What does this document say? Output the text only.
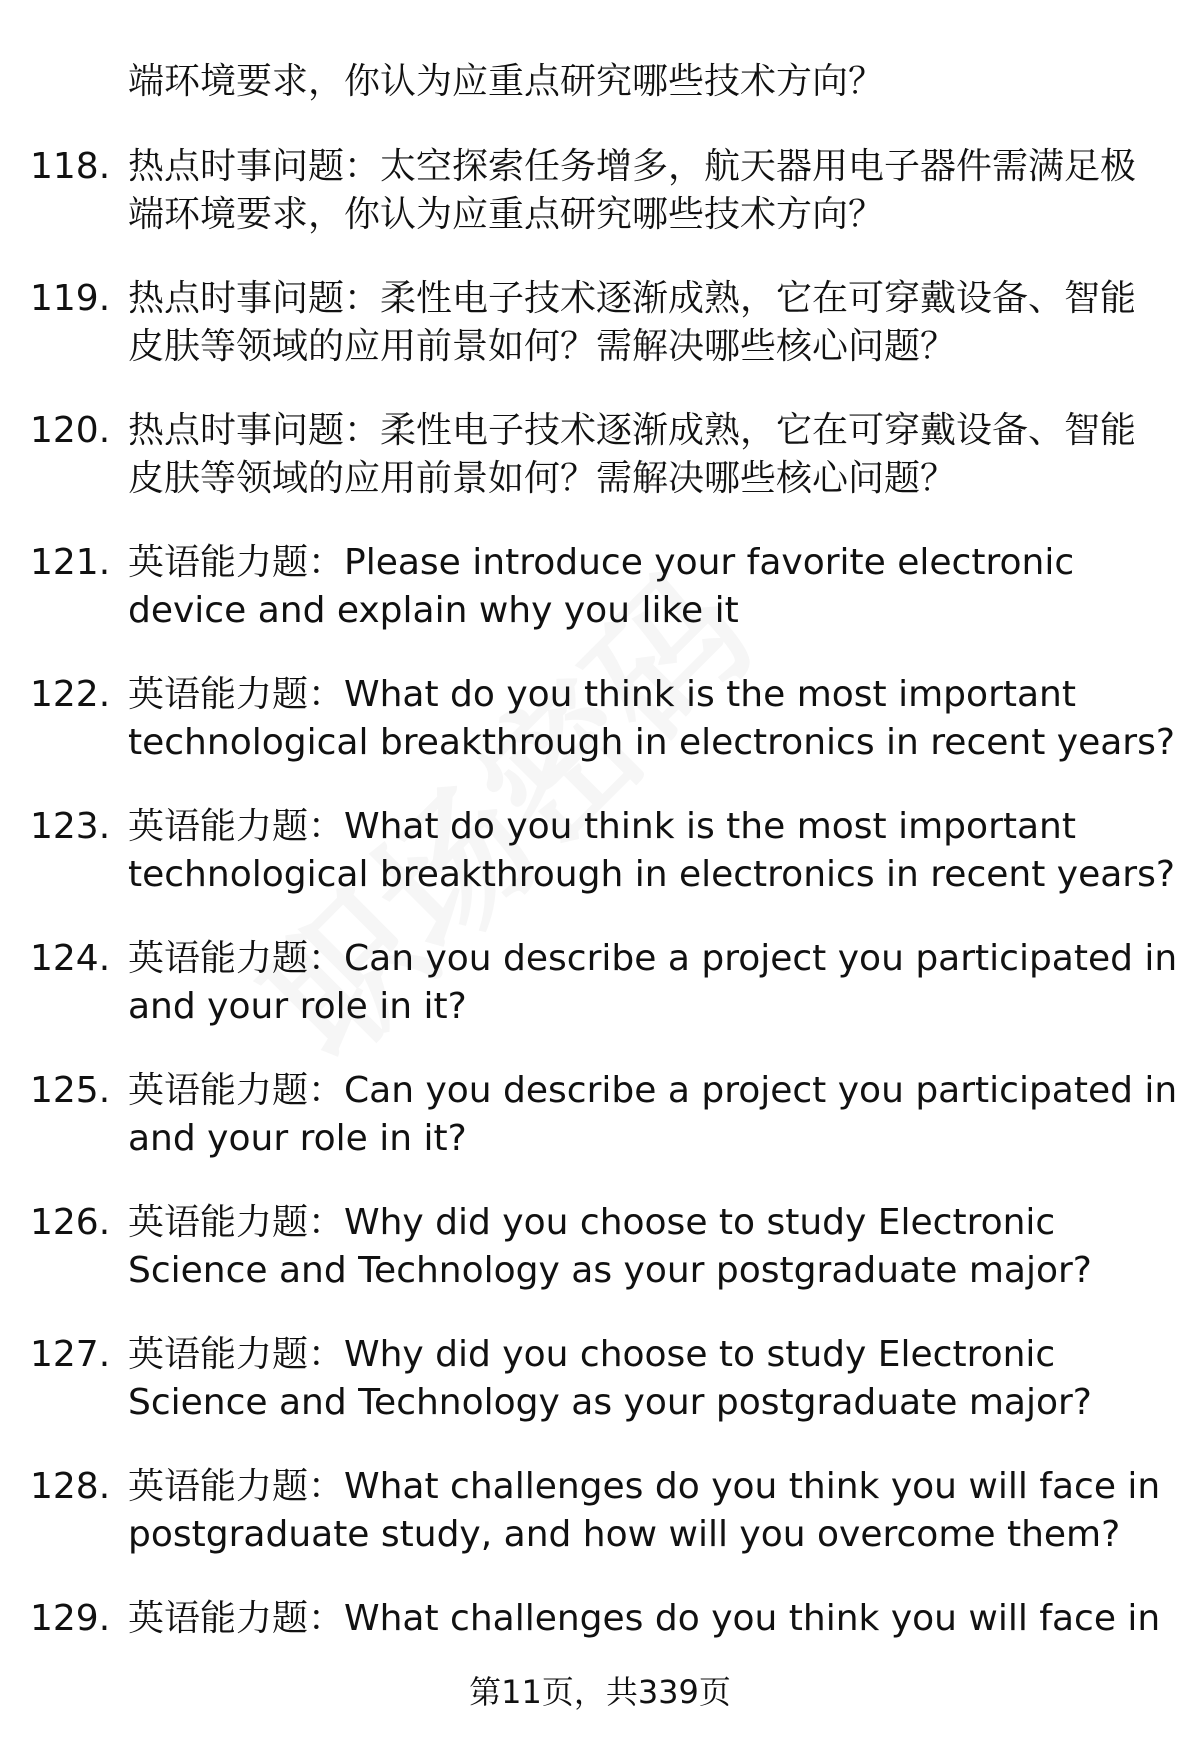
端环境要求，你认为应重点研究哪些技术方向？
118. 热点时事问题：太空探索任务增多，航天器用电子器件需满足极
端环境要求，你认为应重点研究哪些技术方向？
119. 热点时事问题：柔性电子技术逐渐成熟，它在可穿戴设备、智能
皮肤等领域的应用前景如何？需解决哪些核心问题？
120. 热点时事问题：柔性电子技术逐渐成熟，它在可穿戴设备、智能
皮肤等领域的应用前景如何？需解决哪些核心问题？
121. 英语能力题：Please introduce your favorite electronic
device and explain why you like it
122. 英语能力题：What do you think is the most important
technological breakthrough in electronics in recent years?
123. 英语能力题：What do you think is the most important
technological breakthrough in electronics in recent years?
124. 英语能力题：Can you describe a project you participated in
and your role in it?
125. 英语能力题：Can you describe a project you participated in
and your role in it?
126. 英语能力题：Why did you choose to study Electronic
Science and Technology as your postgraduate major?
127. 英语能力题：Why did you choose to study Electronic
Science and Technology as your postgraduate major?
128. 英语能力题：What challenges do you think you will face in
postgraduate study, and how will you overcome them?
129. 英语能力题：What challenges do you think you will face in
第11页，共339页
